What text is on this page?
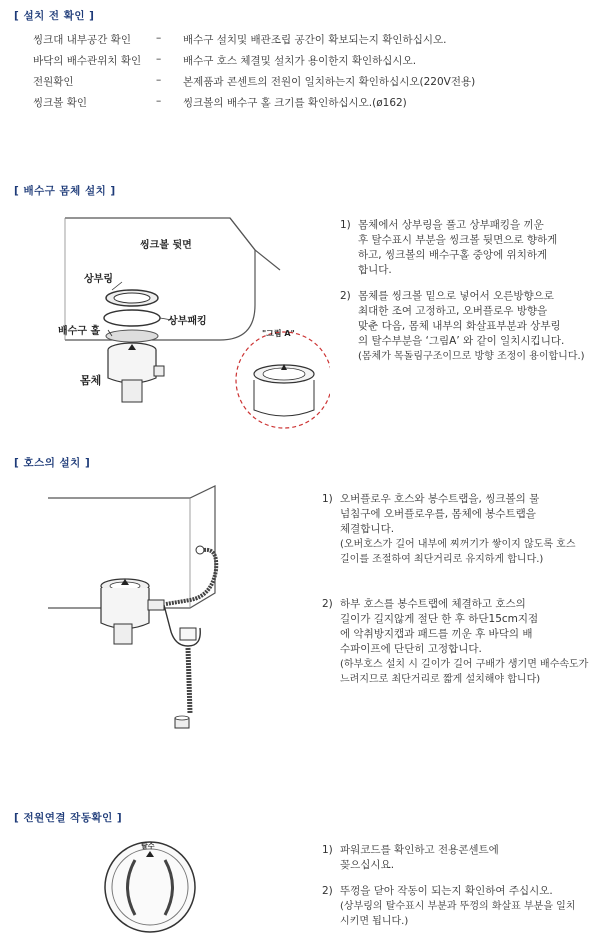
[ 설치 전 확인 ]
씽크대 내부공간 확인 – 배수구 설치및 배관조립 공간이 확보되는지 확인하십시오.
바닥의 배수관위치 확인 – 배수구 호스 체결및 설치가 용이한지 확인하십시오.
전원확인	– 본제품과 콘센트의 전원이 일치하는지 확인하십시오(220V전용)
씽크볼 확인	– 씽크볼의 배수구 홀 크기를 확인하십시오.(ø162)
[ 배수구 몸체 설치 ]
씽크볼 뒷면
상부링
상부패킹
배수구 홀
몸체
"그림 A"
1) 몸체에서 상부링을 풀고 상부패킹을 끼운
후 탈수표시 부분을 씽크볼 뒷면으로 향하게
하고, 씽크볼의 배수구홀 중앙에 위치하게
합니다.
2) 몸체를 씽크볼 밑으로 넣어서 오른방향으로
최대한 조여 고정하고, 오버플로우 방향을
맞춘 다음, 몸체 내부의 화살표부분과 상부링
의 탈수부분을 ‘그림A’ 와 같이 일치시킵니다.
(몸체가 목돌림구조이므로 방향 조정이 용이합니다.)
[ 호스의 설치 ]
1) 오버플로우 호스와 봉수트랩을, 씽크볼의 물
넘침구에 오버플로우를, 몸체에 봉수트랩을
체결합니다.
(오버호스가 길어 내부에 찌꺼기가 쌓이지 않도록 호스
길이를 조절하여 최단거리로 유지하게 합니다.)
2) 하부 호스를 봉수트랩에 체결하고 호스의
길이가 길지않게 절단 한 후 하단15cm지점
에 악취방지캡과 패드를 끼운 후 바닥의 배
수파이프에 단단히 고정합니다.
(하부호스 설치 시 길이가 길어 구배가 생기면 배수속도가
느려지므로 최단거리로 짧게 설치해야 합니다)
[ 전원연결 작동확인 ]
탈수	1) 파워코드를 확인하고 전용콘센트에
꽂으십시요.
2) 뚜껑을 닫아 작동이 되는지 확인하여 주십시오.
(상부링의 탈수표시 부분과 뚜껑의 화살표 부분을 일치
시키면 됩니다.)
